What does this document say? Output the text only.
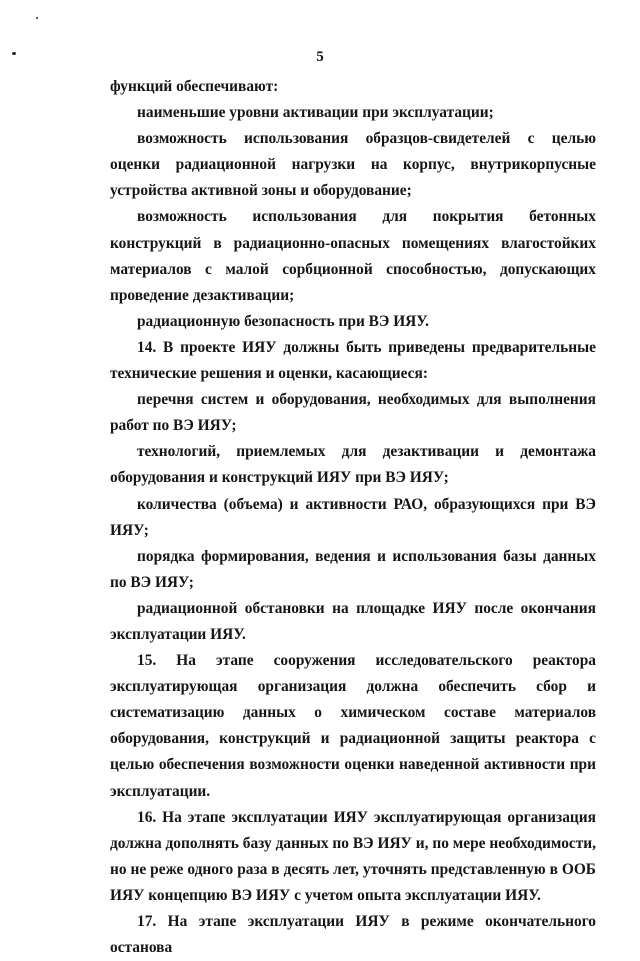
5

функций обеспечивают:

наименьшие уровни активации при эксплуатации;

возможность использования образцов-свидетелей с целью оценки радиационной нагрузки на корпус, внутрикорпусные устройства активной зоны и оборудование;

возможность использования для покрытия бетонных конструкций в радиационно-опасных помещениях влагостойких материалов с малой сорбционной способностью, допускающих проведение дезактивации;

радиационную безопасность при ВЭ ИЯУ.

14. В проекте ИЯУ должны быть приведены предварительные технические решения и оценки, касающиеся:

перечня систем и оборудования, необходимых для выполнения работ по ВЭ ИЯУ;

технологий, приемлемых для дезактивации и демонтажа оборудования и конструкций ИЯУ при ВЭ ИЯУ;

количества (объема) и активности РАО, образующихся при ВЭ ИЯУ;

порядка формирования, ведения и использования базы данных по ВЭ ИЯУ;

радиационной обстановки на площадке ИЯУ после окончания эксплуатации ИЯУ.

15. На этапе сооружения исследовательского реактора эксплуатирующая организация должна обеспечить сбор и систематизацию данных о химическом составе материалов оборудования, конструкций и радиационной защиты реактора с целью обеспечения возможности оценки наведенной активности при эксплуатации.

16. На этапе эксплуатации ИЯУ эксплуатирующая организация должна дополнять базу данных по ВЭ ИЯУ и, по мере необходимости, но не реже одного раза в десять лет, уточнять представленную в ООБ ИЯУ концепцию ВЭ ИЯУ с учетом опыта эксплуатации ИЯУ.

17. На этапе эксплуатации ИЯУ в режиме окончательного останова
